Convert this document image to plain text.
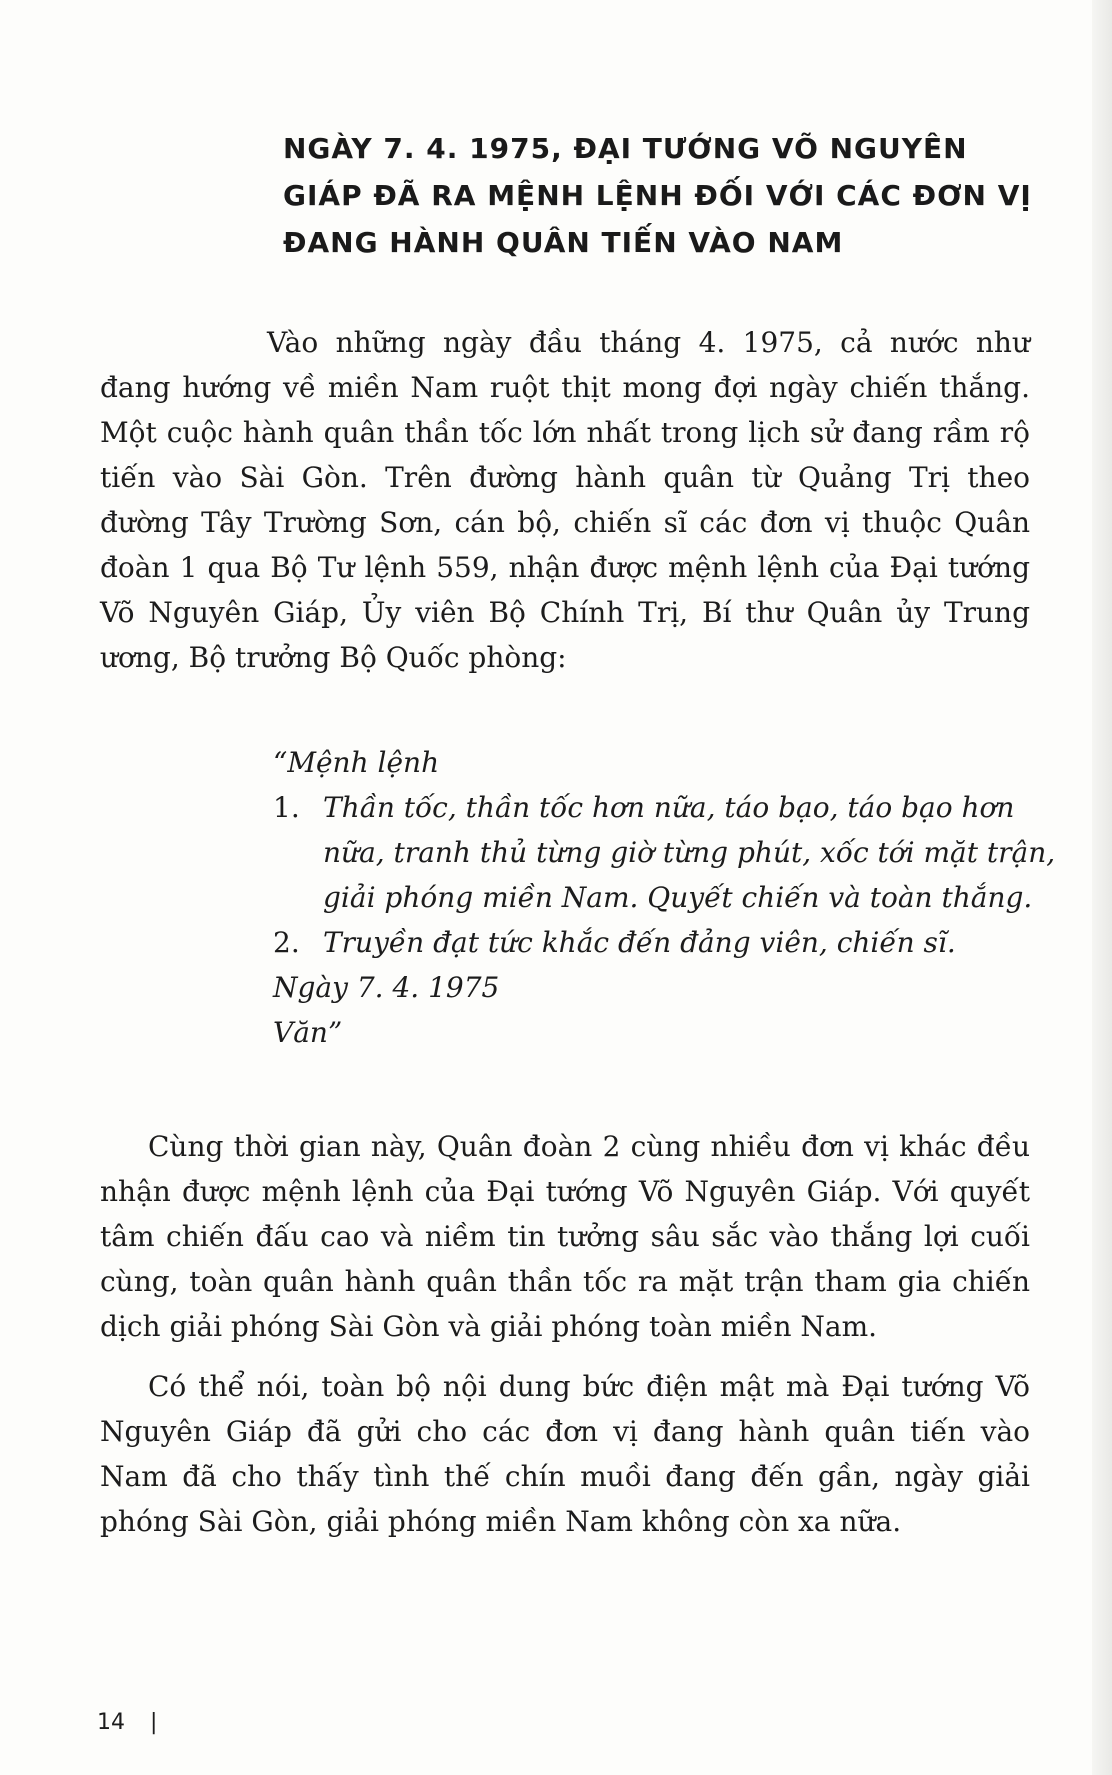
NGÀY 7. 4. 1975, ĐẠI TƯỚNG VÕ NGUYÊN GIÁP ĐÃ RA MỆNH LỆNH ĐỐI VỚI CÁC ĐƠN VỊ ĐANG HÀNH QUÂN TIẾN VÀO NAM

Vào những ngày đầu tháng 4. 1975, cả nước như đang hướng về miền Nam ruột thịt mong đợi ngày chiến thắng. Một cuộc hành quân thần tốc lớn nhất trong lịch sử đang rầm rộ tiến vào Sài Gòn. Trên đường hành quân từ Quảng Trị theo đường Tây Trường Sơn, cán bộ, chiến sĩ các đơn vị thuộc Quân đoàn 1 qua Bộ Tư lệnh 559, nhận được mệnh lệnh của Đại tướng Võ Nguyên Giáp, Ủy viên Bộ Chính Trị, Bí thư Quân ủy Trung ương, Bộ trưởng Bộ Quốc phòng:

“Mệnh lệnh
1. Thần tốc, thần tốc hơn nữa, táo bạo, táo bạo hơn nữa, tranh thủ từng giờ từng phút, xốc tới mặt trận, giải phóng miền Nam. Quyết chiến và toàn thắng.
2. Truyền đạt tức khắc đến đảng viên, chiến sĩ.
Ngày 7. 4. 1975
Văn”

Cùng thời gian này, Quân đoàn 2 cùng nhiều đơn vị khác đều nhận được mệnh lệnh của Đại tướng Võ Nguyên Giáp. Với quyết tâm chiến đấu cao và niềm tin tưởng sâu sắc vào thắng lợi cuối cùng, toàn quân hành quân thần tốc ra mặt trận tham gia chiến dịch giải phóng Sài Gòn và giải phóng toàn miền Nam.

Có thể nói, toàn bộ nội dung bức điện mật mà Đại tướng Võ Nguyên Giáp đã gửi cho các đơn vị đang hành quân tiến vào Nam đã cho thấy tình thế chín muồi đang đến gần, ngày giải phóng Sài Gòn, giải phóng miền Nam không còn xa nữa.

14 |
